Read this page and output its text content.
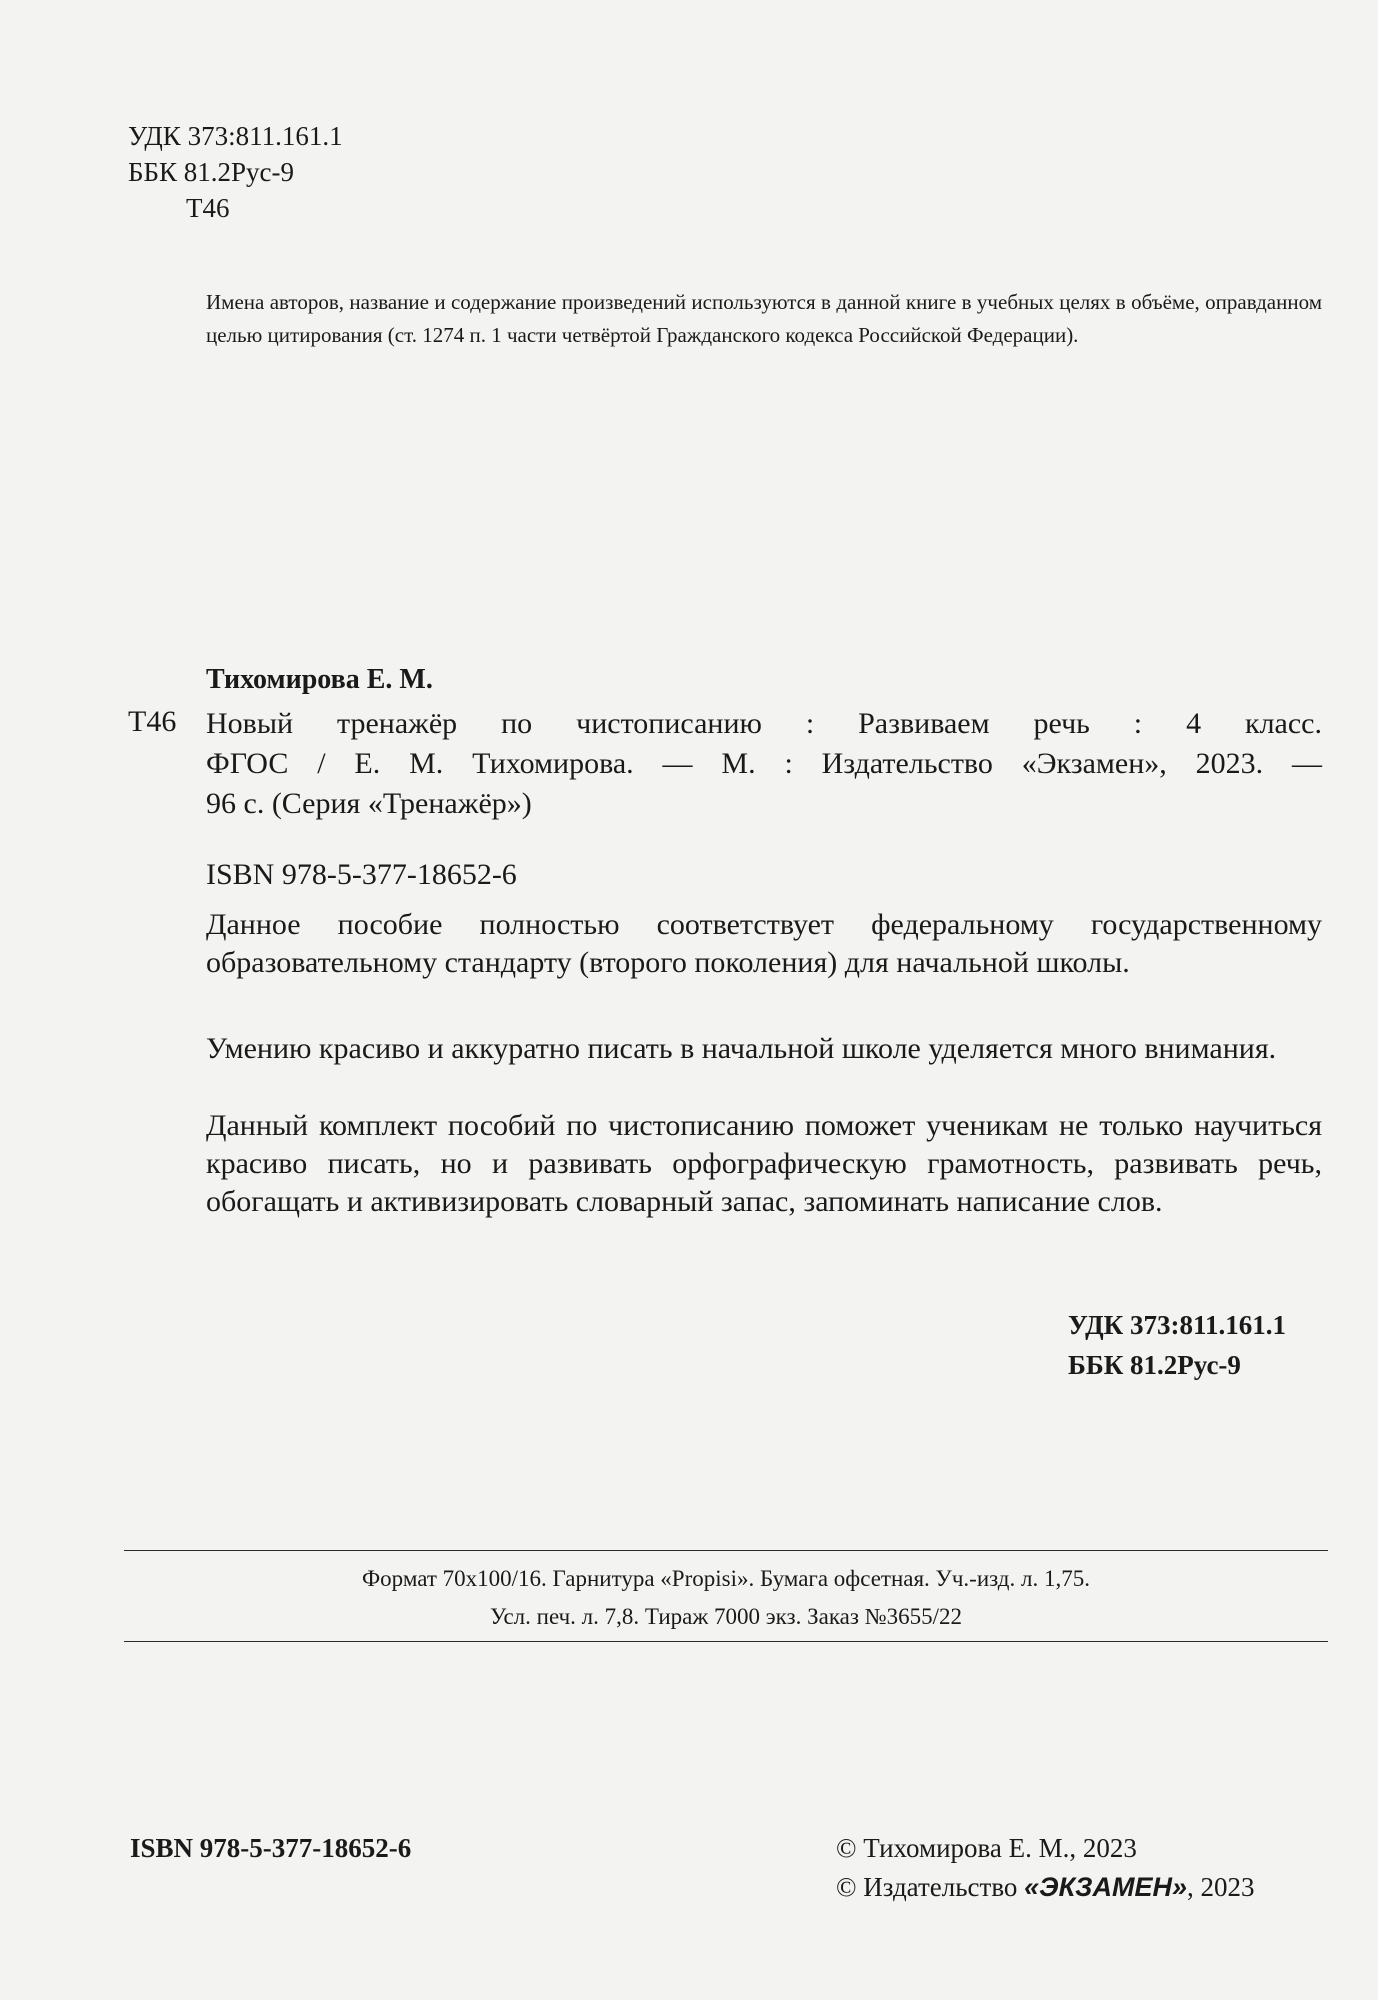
УДК 373:811.161.1
ББК 81.2Рус-9
Т46
Имена авторов, название и содержание произведений используются в данной книге в учебных целях в объёме, оправданном целью цитирования (ст. 1274 п. 1 части четвёртой Гражданского кодекса Российской Федерации).
Тихомирова Е. М.
Т46 Новый тренажёр по чистописанию : Развиваем речь : 4 класс.
ФГОС / Е. М. Тихомирова. — М. : Издательство «Экзамен», 2023. —

96 с. (Серия «Тренажёр»)
ISBN 978-5-377-18652-6
Данное пособие полностью соответствует федеральному государственному образовательному стандарту (второго поколения) для начальной школы.
Умению красиво и аккуратно писать в начальной школе уделяется много внимания.
Данный комплект пособий по чистописанию поможет ученикам не только научиться красиво писать, но и развивать орфографическую грамотность, развивать речь, обогащать и активизировать словарный запас, запоминать написание слов.
УДК 373:811.161.1
ББК 81.2Рус-9
Формат 70х100/16. Гарнитура «Propisi». Бумага офсетная. Уч.-изд. л. 1,75.
Усл. печ. л. 7,8. Тираж 7000 экз. Заказ №3655/22
ISBN 978-5-377-18652-6	© Тихомирова Е. М., 2023
© Издательство «ЭКЗАМЕН», 2023
